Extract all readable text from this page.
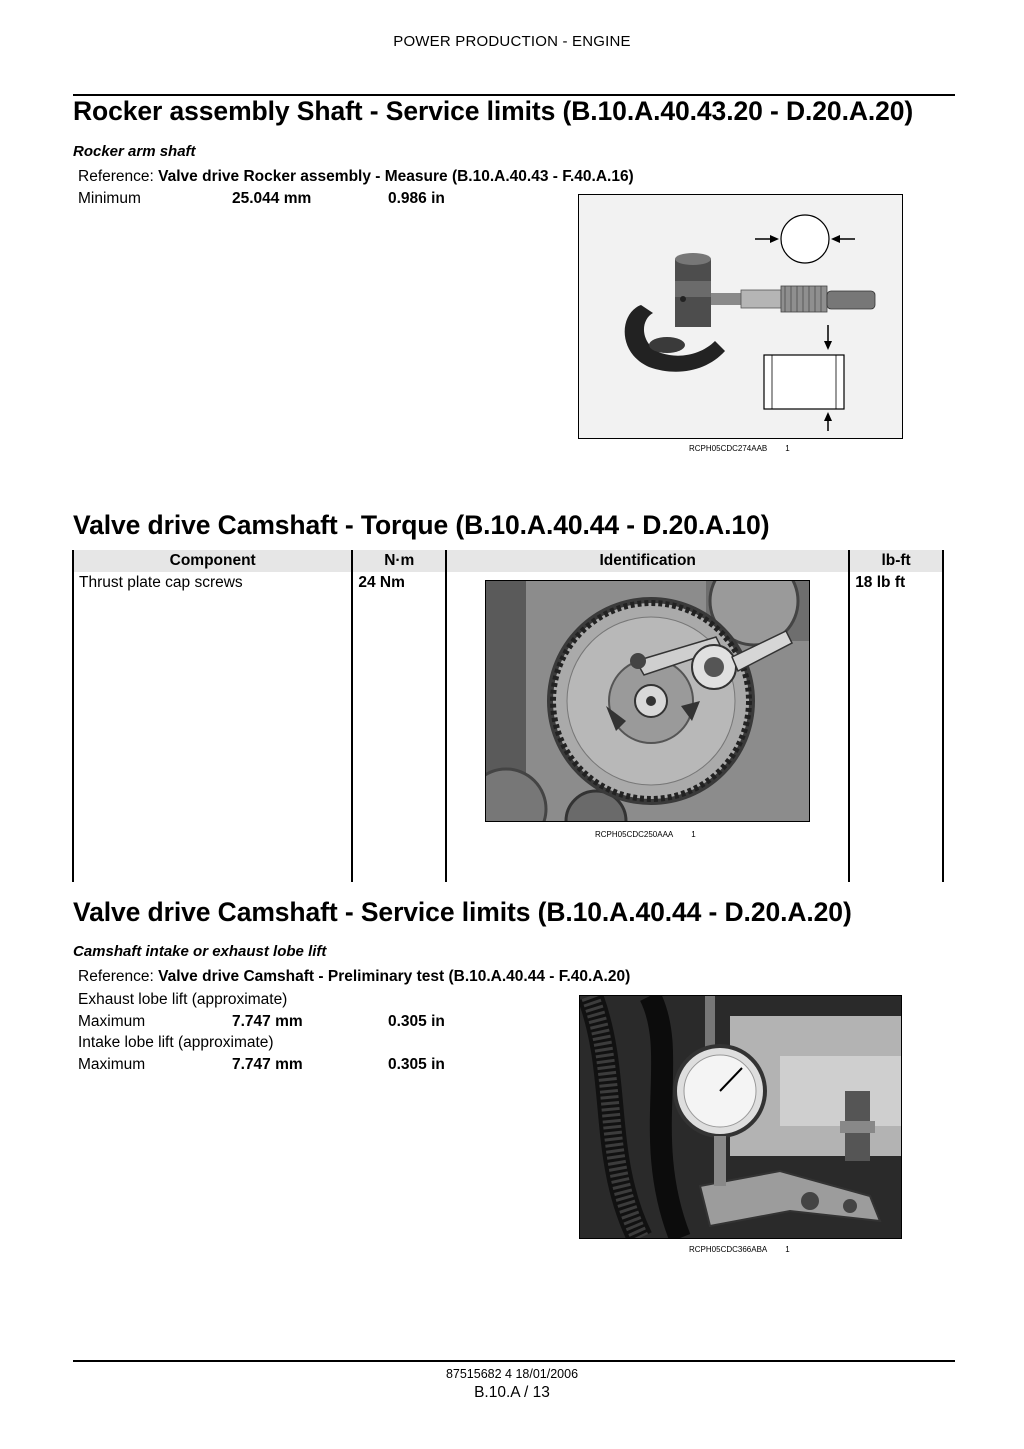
POWER PRODUCTION - ENGINE
Rocker assembly Shaft - Service limits (B.10.A.40.43.20 - D.20.A.20)
Rocker arm shaft
Reference: Valve drive Rocker assembly - Measure (B.10.A.40.43 - F.40.A.16)
Minimum	25.044 mm	0.986 in
RCPH05CDC274AAB 1
Valve drive Camshaft - Torque (B.10.A.40.44 - D.20.A.10)
Component	N·m	Identification	lb-ft
Thrust plate cap screws	24 Nm		18 lb ft
RCPH05CDC250AAA 1
Valve drive Camshaft - Service limits (B.10.A.40.44 - D.20.A.20)
Camshaft intake or exhaust lobe lift
Reference: Valve drive Camshaft - Preliminary test (B.10.A.40.44 - F.40.A.20)
Exhaust lobe lift (approximate)
Maximum	7.747 mm	0.305 in
Intake lobe lift (approximate)
Maximum	7.747 mm	0.305 in
RCPH05CDC366ABA 1
87515682 4 18/01/2006
B.10.A / 13
